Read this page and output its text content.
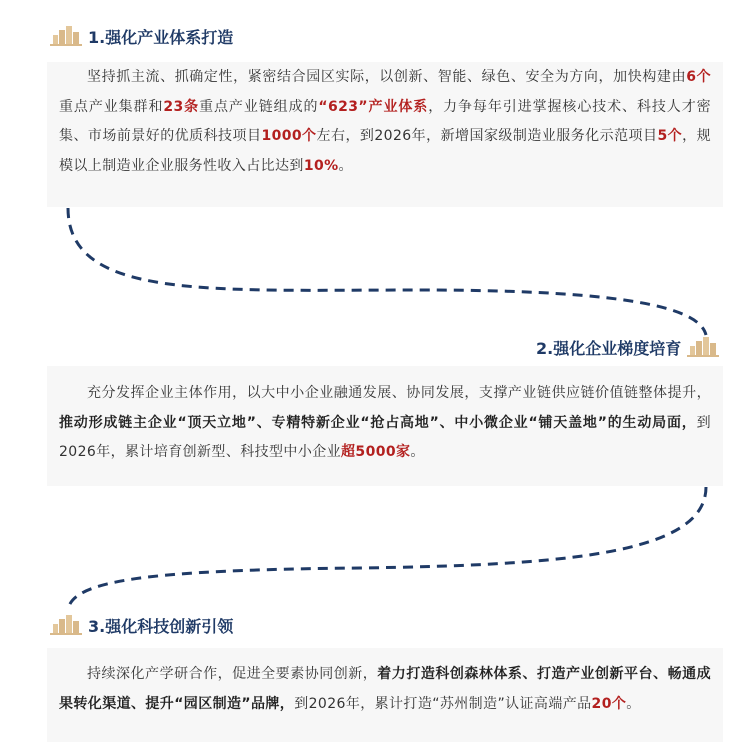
1.强化产业体系打造

坚持抓主流、抓确定性，紧密结合园区实际，以创新、智能、绿色、安全为方向，加快构建由6个重点产业集群和23条重点产业链组成的“623”产业体系，力争每年引进掌握核心技术、科技人才密集、市场前景好的优质科技项目1000个左右，到2026年，新增国家级制造业服务化示范项目5个，规模以上制造业企业服务性收入占比达到10%。

2.强化企业梯度培育

充分发挥企业主体作用，以大中小企业融通发展、协同发展，支撑产业链供应链价值链整体提升，推动形成链主企业“顶天立地”、专精特新企业“抢占高地”、中小微企业“铺天盖地”的生动局面，到2026年，累计培育创新型、科技型中小企业超5000家。

3.强化科技创新引领

持续深化产学研合作，促进全要素协同创新，着力打造科创森林体系、打造产业创新平台、畅通成果转化渠道、提升“园区制造”品牌，到2026年，累计打造“苏州制造”认证高端产品20个。
